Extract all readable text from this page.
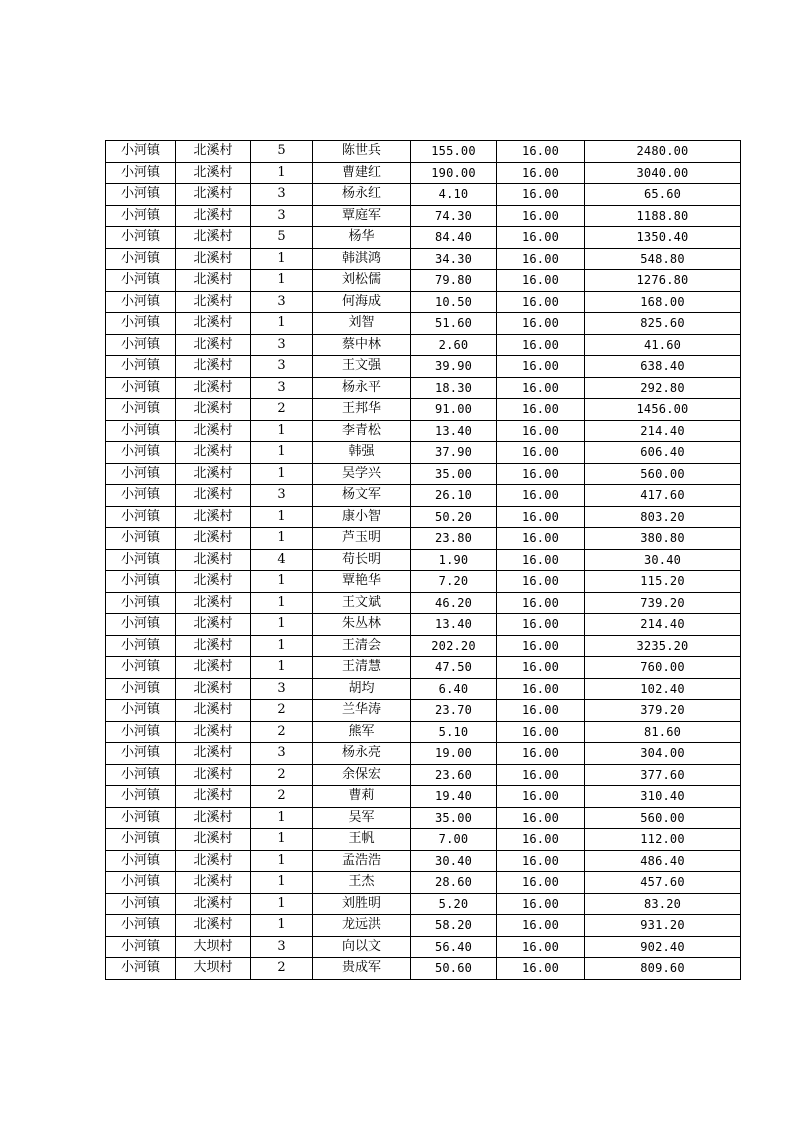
小河镇	北溪村	5	陈世兵	155.00	16.00	2480.00
小河镇	北溪村	1	曹建红	190.00	16.00	3040.00
小河镇	北溪村	3	杨永红	4.10	16.00	65.60
小河镇	北溪村	3	覃庭军	74.30	16.00	1188.80
小河镇	北溪村	5	杨华	84.40	16.00	1350.40
小河镇	北溪村	1	韩淇鸿	34.30	16.00	548.80
小河镇	北溪村	1	刘松儒	79.80	16.00	1276.80
小河镇	北溪村	3	何海成	10.50	16.00	168.00
小河镇	北溪村	1	刘智	51.60	16.00	825.60
小河镇	北溪村	3	蔡中林	2.60	16.00	41.60
小河镇	北溪村	3	王文强	39.90	16.00	638.40
小河镇	北溪村	3	杨永平	18.30	16.00	292.80
小河镇	北溪村	2	王邦华	91.00	16.00	1456.00
小河镇	北溪村	1	李青松	13.40	16.00	214.40
小河镇	北溪村	1	韩强	37.90	16.00	606.40
小河镇	北溪村	1	吴学兴	35.00	16.00	560.00
小河镇	北溪村	3	杨文军	26.10	16.00	417.60
小河镇	北溪村	1	康小智	50.20	16.00	803.20
小河镇	北溪村	1	芦玉明	23.80	16.00	380.80
小河镇	北溪村	4	苟长明	1.90	16.00	30.40
小河镇	北溪村	1	覃艳华	7.20	16.00	115.20
小河镇	北溪村	1	王文斌	46.20	16.00	739.20
小河镇	北溪村	1	朱丛林	13.40	16.00	214.40
小河镇	北溪村	1	王清会	202.20	16.00	3235.20
小河镇	北溪村	1	王清慧	47.50	16.00	760.00
小河镇	北溪村	3	胡均	6.40	16.00	102.40
小河镇	北溪村	2	兰华涛	23.70	16.00	379.20
小河镇	北溪村	2	熊军	5.10	16.00	81.60
小河镇	北溪村	3	杨永亮	19.00	16.00	304.00
小河镇	北溪村	2	余保宏	23.60	16.00	377.60
小河镇	北溪村	2	曹莉	19.40	16.00	310.40
小河镇	北溪村	1	吴军	35.00	16.00	560.00
小河镇	北溪村	1	王帆	7.00	16.00	112.00
小河镇	北溪村	1	孟浩浩	30.40	16.00	486.40
小河镇	北溪村	1	王杰	28.60	16.00	457.60
小河镇	北溪村	1	刘胜明	5.20	16.00	83.20
小河镇	北溪村	1	龙远洪	58.20	16.00	931.20
小河镇	大坝村	3	向以文	56.40	16.00	902.40
小河镇	大坝村	2	贵成军	50.60	16.00	809.60
